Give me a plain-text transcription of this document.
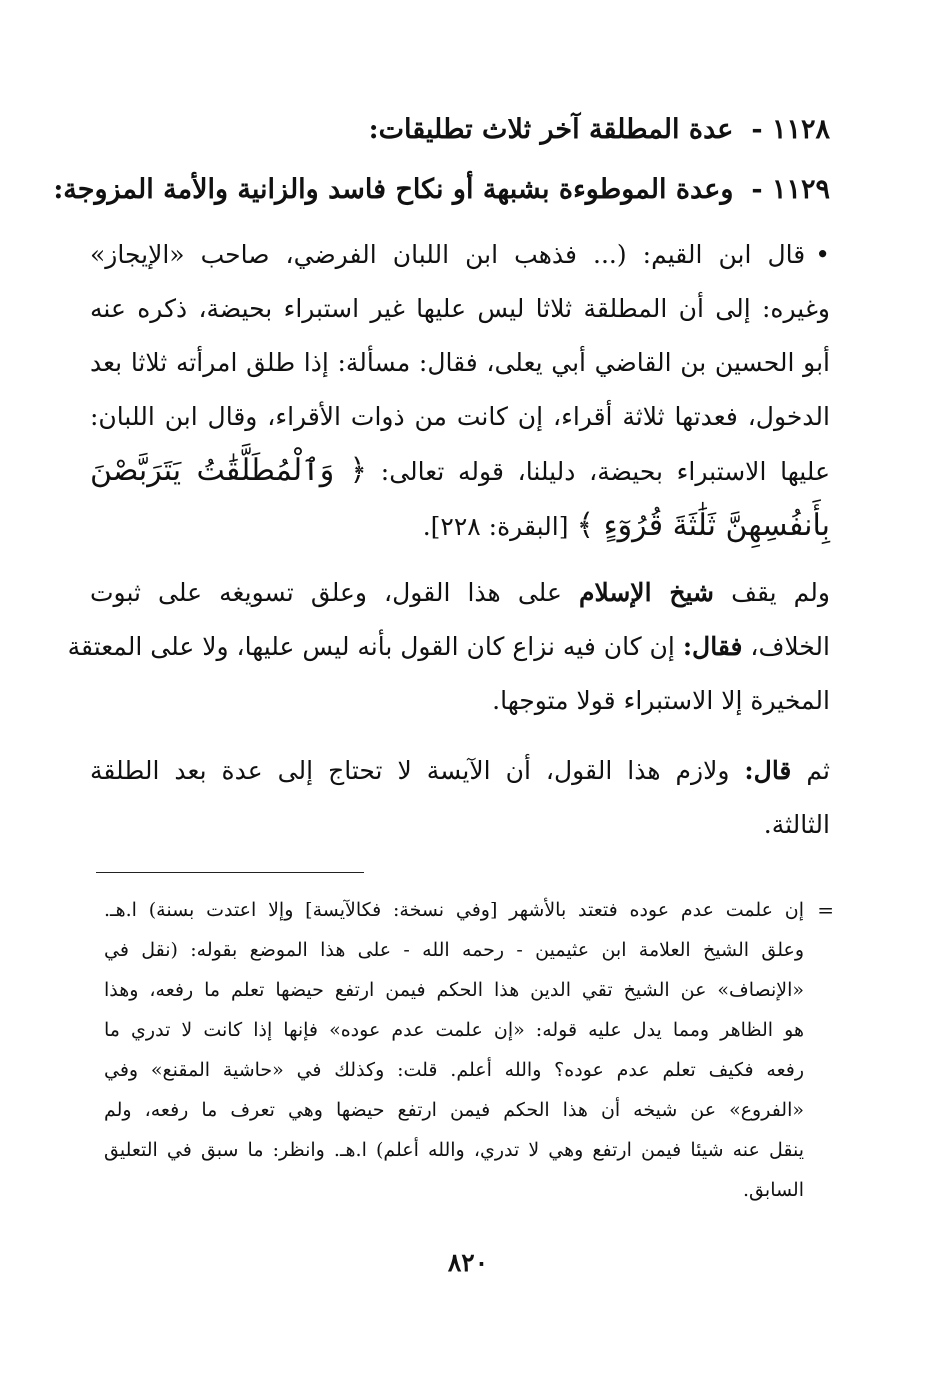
١١٢٨ -عدة المطلقة آخر ثلاث تطليقات:

١١٢٩ -وعدة الموطوءة بشبهة أو نكاح فاسد والزانية والأمة المزوجة:

•قال ابن القيم: (... فذهب ابن اللبان الفرضي، صاحب «الإيجاز»
وغيره: إلى أن المطلقة ثلاثا ليس عليها غير استبراء بحيضة، ذكره عنه
أبو الحسين بن القاضي أبي يعلى، فقال: مسألة: إذا طلق امرأته ثلاثا بعد
الدخول، فعدتها ثلاثة أقراء، إن كانت من ذوات الأقراء، وقال ابن اللبان:
عليها الاستبراء بحيضة، دليلنا، قوله تعالى: ﴿ وَٱلْمُطَلَّقَٰتُ يَتَرَبَّصْنَ
بِأَنفُسِهِنَّ ثَلَٰثَةَ قُرُوٓءٍ ﴾ [البقرة: ٢٢٨].
ولم يقف شيخ الإسلام على هذا القول، وعلق تسويغه على ثبوت
الخلاف، فقال: إن كان فيه نزاع كان القول بأنه ليس عليها، ولا على المعتقة
المخيرة إلا الاستبراء قولا متوجها.
ثم قال: ولازم هذا القول، أن الآيسة لا تحتاج إلى عدة بعد الطلقة
الثالثة.
=
إن علمت عدم عوده فتعتد بالأشهر [وفي نسخة: فكالآيسة] وإلا اعتدت بسنة) ا.هـ.
وعلق الشيخ العلامة ابن عثيمين - رحمه الله - على هذا الموضع بقوله: (نقل في
«الإنصاف» عن الشيخ تقي الدين هذا الحكم فيمن ارتفع حيضها تعلم ما رفعه، وهذا
هو الظاهر ومما يدل عليه قوله: «إن علمت عدم عوده» فإنها إذا كانت لا تدري ما
رفعه فكيف تعلم عدم عوده؟ والله أعلم. قلت: وكذلك في «حاشية المقنع» وفي
«الفروع» عن شيخه أن هذا الحكم فيمن ارتفع حيضها وهي تعرف ما رفعه، ولم
ينقل عنه شيئا فيمن ارتفع وهي لا تدري، والله أعلم) ا.هـ. وانظر: ما سبق في التعليق
السابق.
٨٢٠
